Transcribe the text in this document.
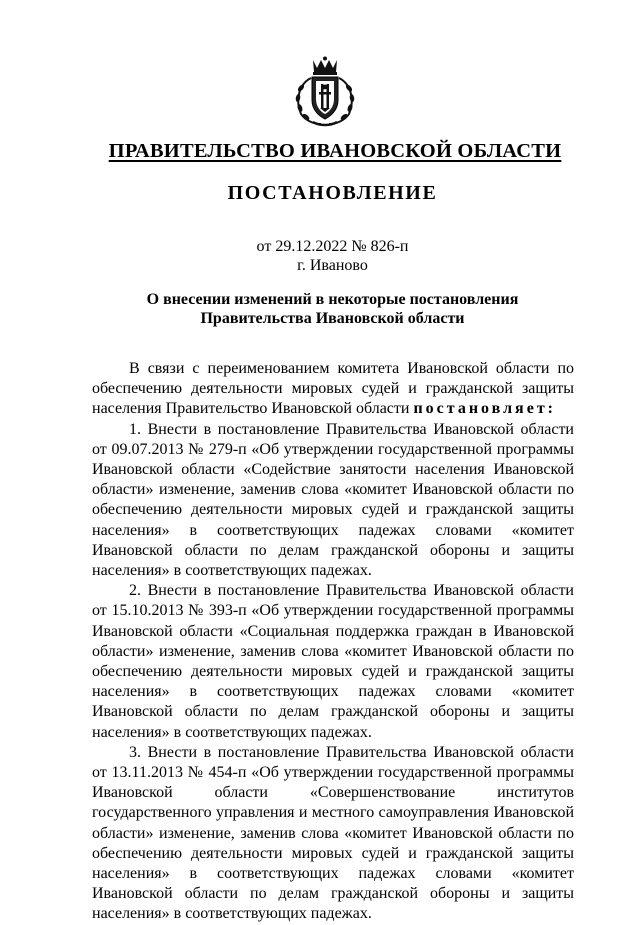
ПРАВИТЕЛЬСТВО ИВАНОВСКОЙ ОБЛАСТИ
ПОСТАНОВЛЕНИЕ
от 29.12.2022 № 826-п
г. Иваново
О внесении изменений в некоторые постановления
Правительства Ивановской области

В связи с переименованием комитета Ивановской области по обеспечению деятельности мировых судей и гражданской защиты населения Правительство Ивановской области постановляет:

1. Внести в постановление Правительства Ивановской области от 09.07.2013 № 279-п «Об утверждении государственной программы Ивановской области «Содействие занятости населения Ивановской области» изменение, заменив слова «комитет Ивановской области по обеспечению деятельности мировых судей и гражданской защиты населения» в соответствующих падежах словами «комитет Ивановской области по делам гражданской обороны и защиты населения» в соответствующих падежах.

2. Внести в постановление Правительства Ивановской области от 15.10.2013 № 393-п «Об утверждении государственной программы Ивановской области «Социальная поддержка граждан в Ивановской области» изменение, заменив слова «комитет Ивановской области по обеспечению деятельности мировых судей и гражданской защиты населения» в соответствующих падежах словами «комитет Ивановской области по делам гражданской обороны и защиты населения» в соответствующих падежах.

3. Внести в постановление Правительства Ивановской области от 13.11.2013 № 454-п «Об утверждении государственной программы Ивановской области «Совершенствование институтов государственного управления и местного самоуправления Ивановской области» изменение, заменив слова «комитет Ивановской области по обеспечению деятельности мировых судей и гражданской защиты населения» в соответствующих падежах словами «комитет Ивановской области по делам гражданской обороны и защиты населения» в соответствующих падежах.
